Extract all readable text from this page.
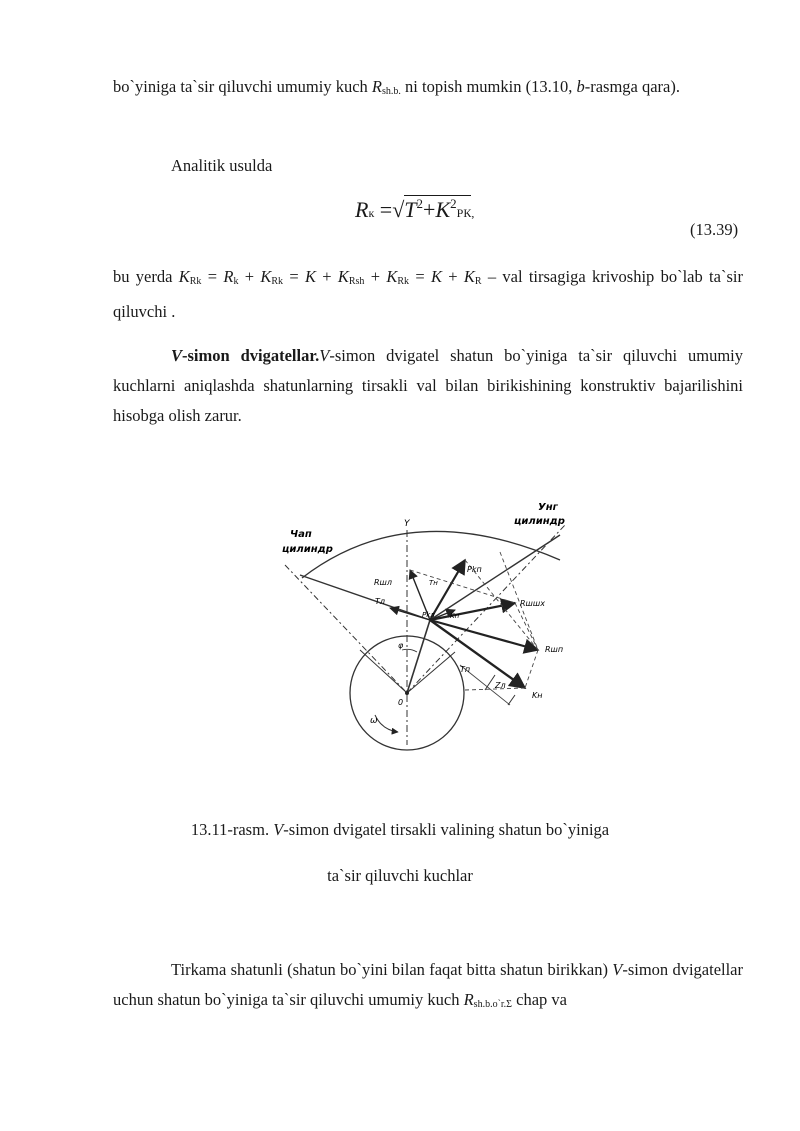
bo`yiniga ta`sir qiluvchi umumiy kuch $R_{sh.b.}$ ni topish mumkin (13.10, b-rasmga qara).

Analitik usulda

Rк $=√T^2+K^2РК$,
(13.39)

bu yerda $K_{Rk} = R_k + K_{Rk} = K + K_{Rsh} + K_{Rk} = K + K_R$ – val tirsagiga krivoship bo`lab ta`sir qiluvchi .

V-simon dvigatellar.V-simon dvigatel shatun bo`yiniga ta`sir qiluvchi umumiy kuchlarni aniqlashda shatunlarning tirsakli val bilan birikishining konstruktiv bajarilishini hisobga olish zarur.

Чап
цилиндр
Унг
цилиндр
Y
ω
φ
0
Rшл
Pkл
Pkп
Rшшх
Rшп
Tл
Tп
Zл
Kп
Tн
Kн
13.11-rasm. V-simon dvigatel tirsakli valining shatun bo`yiniga
ta`sir qiluvchi kuchlar

Tirkama shatunli (shatun bo`yini bilan faqat bitta shatun birikkan) V-simon dvigatellar uchun shatun bo`yiniga ta`sir qiluvchi umumiy kuch $R_{sh.b.o`r.\Sigma}$ chap va
